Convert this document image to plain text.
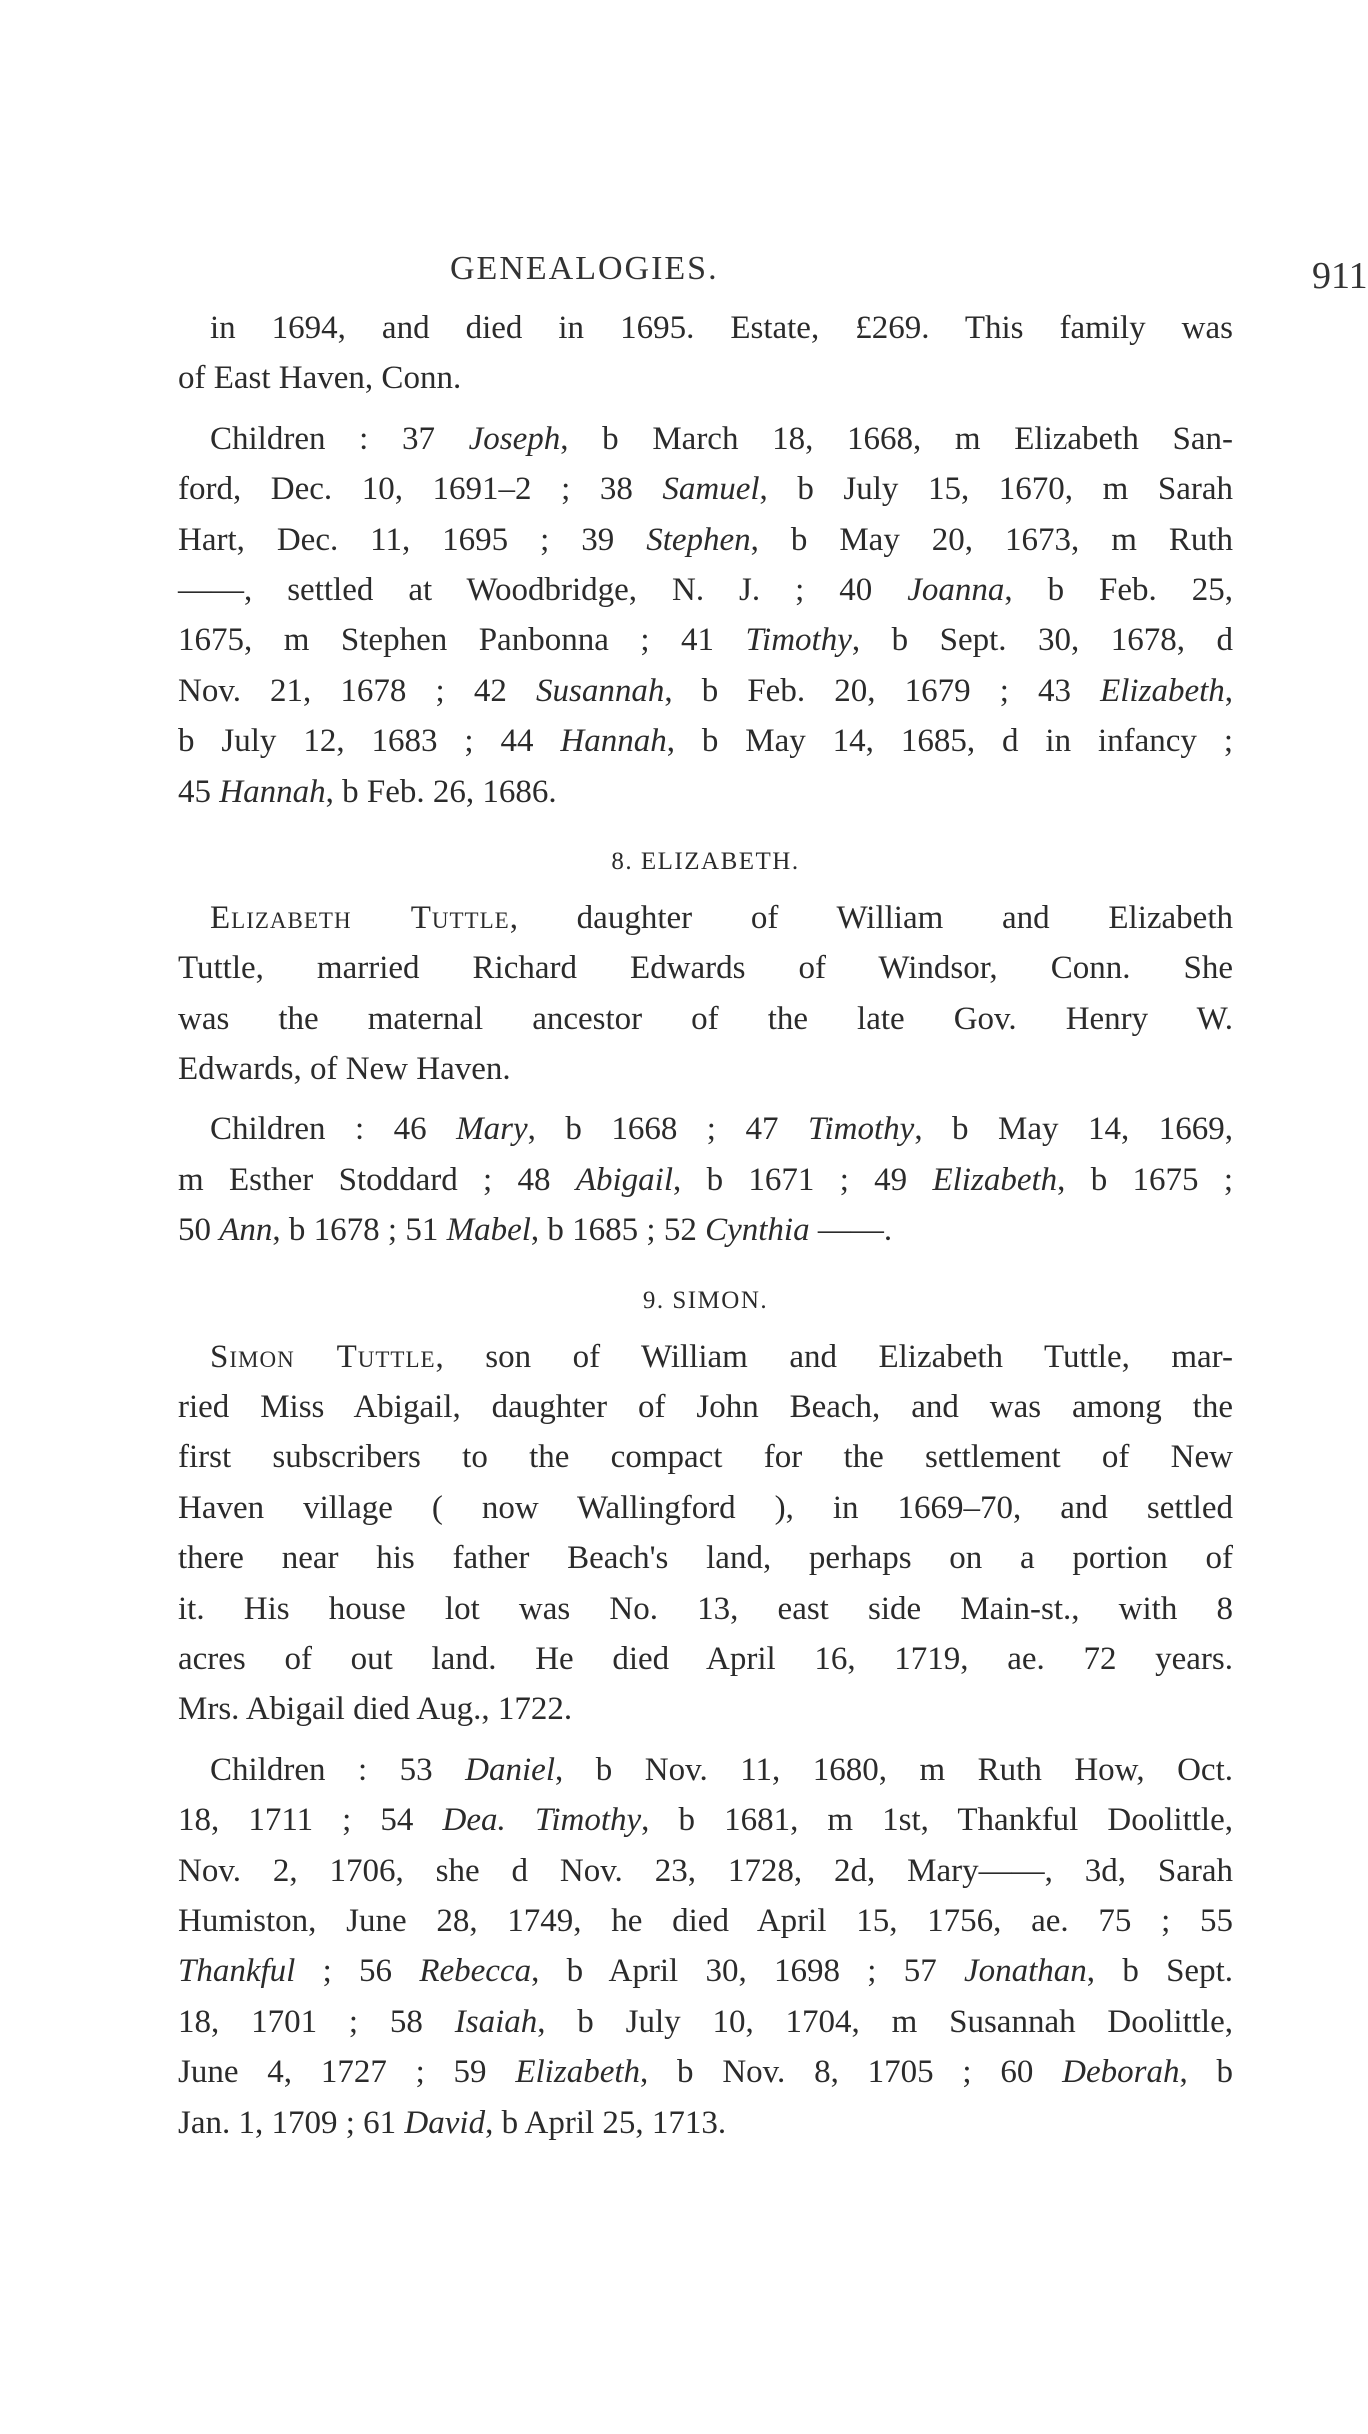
GENEALOGIES.	911
in 1694, and died in 1695. Estate, £269. This family was
of East Haven, Conn.
Children : 37 Joseph, b March 18, 1668, m Elizabeth San-
ford, Dec. 10, 1691–2 ; 38 Samuel, b July 15, 1670, m Sarah
Hart, Dec. 11, 1695 ; 39 Stephen, b May 20, 1673, m Ruth
——, settled at Woodbridge, N. J. ; 40 Joanna, b Feb. 25,
1675, m Stephen Panbonna ; 41 Timothy, b Sept. 30, 1678, d
Nov. 21, 1678 ; 42 Susannah, b Feb. 20, 1679 ; 43 Elizabeth,
b July 12, 1683 ; 44 Hannah, b May 14, 1685, d in infancy ;
45 Hannah, b Feb. 26, 1686.
8. ELIZABETH.
Elizabeth Tuttle, daughter of William and Elizabeth
Tuttle, married Richard Edwards of Windsor, Conn. She
was the maternal ancestor of the late Gov. Henry W.
Edwards, of New Haven.
Children : 46 Mary, b 1668 ; 47 Timothy, b May 14, 1669,
m Esther Stoddard ; 48 Abigail, b 1671 ; 49 Elizabeth, b 1675 ;
50 Ann, b 1678 ; 51 Mabel, b 1685 ; 52 Cynthia ——.
9. SIMON.
Simon Tuttle, son of William and Elizabeth Tuttle, mar-
ried Miss Abigail, daughter of John Beach, and was among the
first subscribers to the compact for the settlement of New
Haven village ( now Wallingford ), in 1669–70, and settled
there near his father Beach's land, perhaps on a portion of
it. His house lot was No. 13, east side Main-st., with 8
acres of out land. He died April 16, 1719, ae. 72 years.
Mrs. Abigail died Aug., 1722.
Children : 53 Daniel, b Nov. 11, 1680, m Ruth How, Oct.
18, 1711 ; 54 Dea. Timothy, b 1681, m 1st, Thankful Doolittle,
Nov. 2, 1706, she d Nov. 23, 1728, 2d, Mary——, 3d, Sarah
Humiston, June 28, 1749, he died April 15, 1756, ae. 75 ; 55
Thankful ; 56 Rebecca, b April 30, 1698 ; 57 Jonathan, b Sept.
18, 1701 ; 58 Isaiah, b July 10, 1704, m Susannah Doolittle,
June 4, 1727 ; 59 Elizabeth, b Nov. 8, 1705 ; 60 Deborah, b
Jan. 1, 1709 ; 61 David, b April 25, 1713.
